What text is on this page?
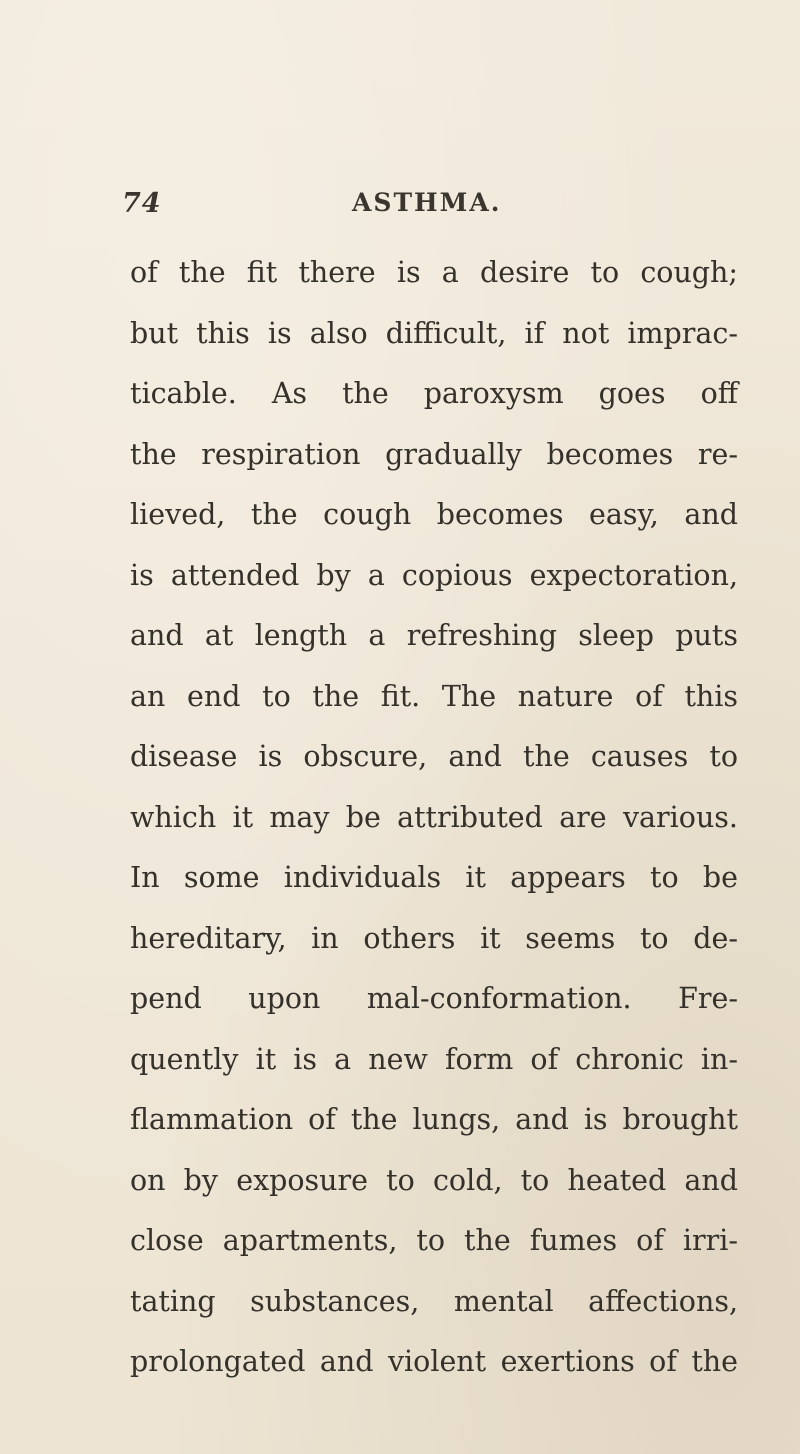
74	ASTHMA.
of the fit there is a desire to cough;
but this is also difficult, if not imprac-
ticable. As the paroxysm goes off
the respiration gradually becomes re-
lieved, the cough becomes easy, and
is attended by a copious expectoration,
and at length a refreshing sleep puts
an end to the fit. The nature of this
disease is obscure, and the causes to
which it may be attributed are various.
In some individuals it appears to be
hereditary, in others it seems to de-
pend upon mal-conformation. Fre-
quently it is a new form of chronic in-
flammation of the lungs, and is brought
on by exposure to cold, to heated and
close apartments, to the fumes of irri-
tating substances, mental affections,
prolongated and violent exertions of the
